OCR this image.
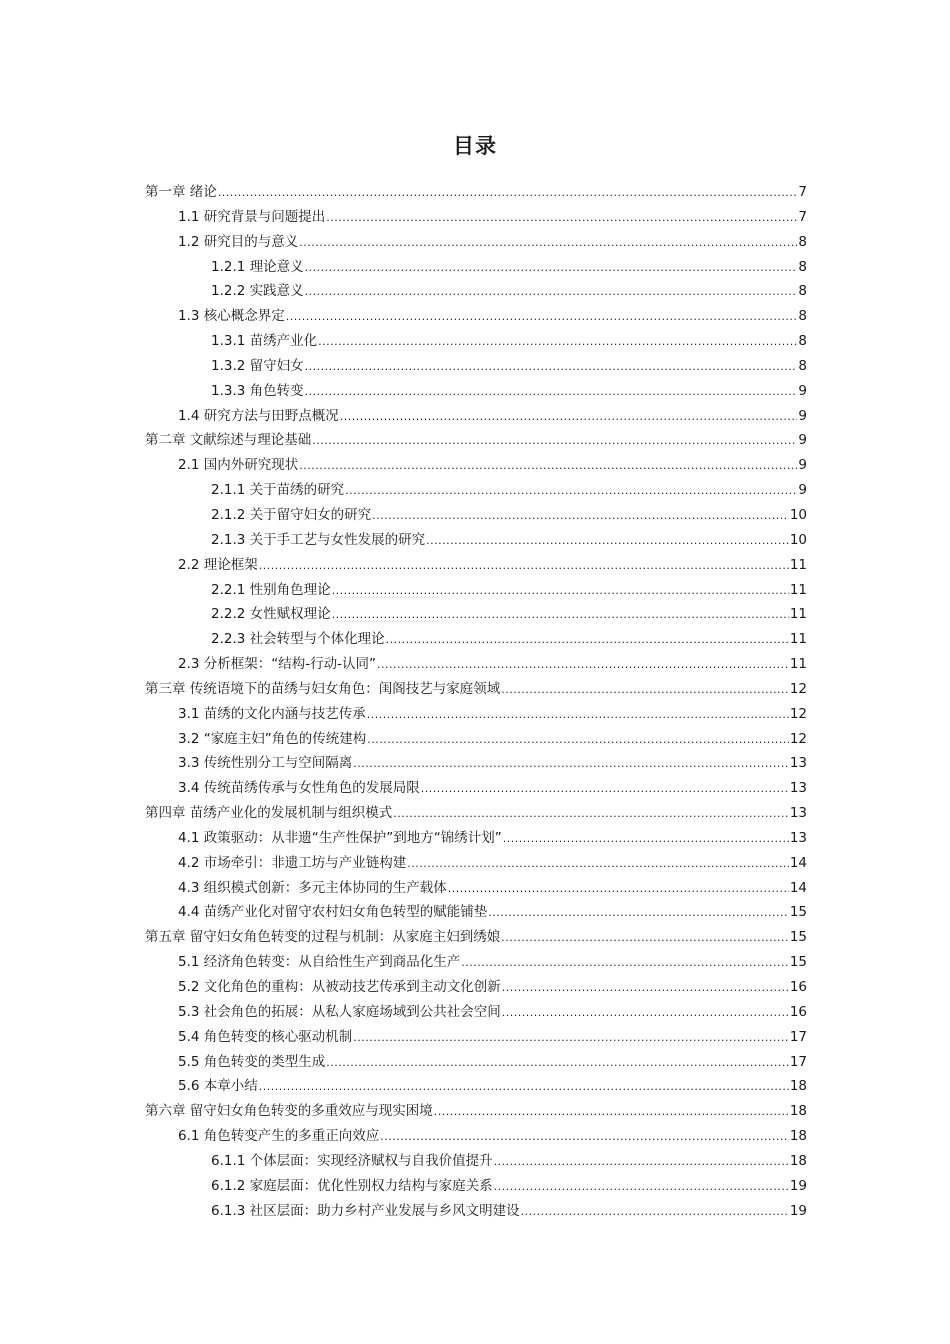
目录
第一章 绪论 .....	7
1.1 研究背景与问题提出 .....	7
1.2 研究目的与意义 .....	8
1.2.1 理论意义 .....	8
1.2.2 实践意义 .....	8
1.3 核心概念界定 .....	8
1.3.1 苗绣产业化 .....	8
1.3.2 留守妇女 .....	8
1.3.3 角色转变 .....	9
1.4 研究方法与田野点概况 .....	9
第二章 文献综述与理论基础 .....	9
2.1 国内外研究现状 .....	9
2.1.1 关于苗绣的研究 .....	9
2.1.2 关于留守妇女的研究 .....	10
2.1.3 关于手工艺与女性发展的研究 .....	10
2.2 理论框架 .....	11
2.2.1 性别角色理论 .....	11
2.2.2 女性赋权理论 .....	11
2.2.3 社会转型与个体化理论 .....	11
2.3 分析框架：“结构-行动-认同” .....	11
第三章 传统语境下的苗绣与妇女角色：闺阁技艺与家庭领域 .....	12
3.1 苗绣的文化内涵与技艺传承 .....	12
3.2 “家庭主妇”角色的传统建构 .....	12
3.3 传统性别分工与空间隔离 .....	13
3.4 传统苗绣传承与女性角色的发展局限 .....	13
第四章 苗绣产业化的发展机制与组织模式 .....	13
4.1 政策驱动：从非遗“生产性保护”到地方“锦绣计划” .....	13
4.2 市场牵引：非遗工坊与产业链构建 .....	14
4.3 组织模式创新：多元主体协同的生产载体 .....	14
4.4 苗绣产业化对留守农村妇女角色转型的赋能铺垫 .....	15
第五章 留守妇女角色转变的过程与机制：从家庭主妇到绣娘 .....	15
5.1 经济角色转变：从自给性生产到商品化生产 .....	15
5.2 文化角色的重构：从被动技艺传承到主动文化创新 .....	16
5.3 社会角色的拓展：从私人家庭场域到公共社会空间 .....	16
5.4 角色转变的核心驱动机制 .....	17
5.5 角色转变的类型生成 .....	17
5.6 本章小结 .....	18
第六章 留守妇女角色转变的多重效应与现实困境 .....	18
6.1 角色转变产生的多重正向效应 .....	18
6.1.1 个体层面：实现经济赋权与自我价值提升 .....	18
6.1.2 家庭层面：优化性别权力结构与家庭关系 .....	19
6.1.3 社区层面：助力乡村产业发展与乡风文明建设 .....	19
